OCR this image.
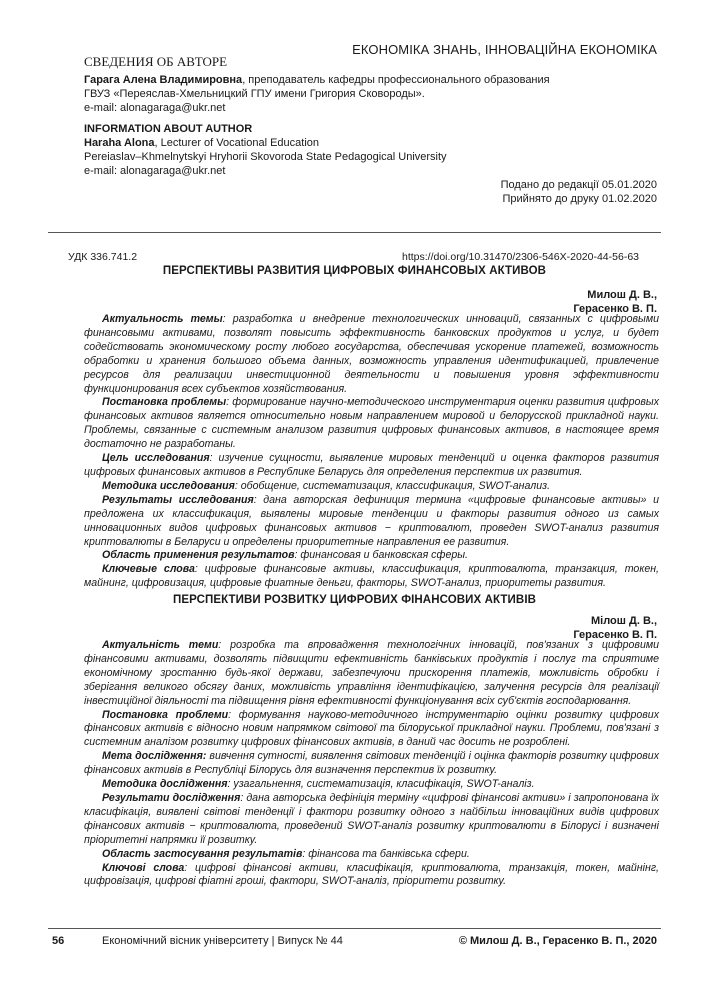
ЕКОНОМІКА ЗНАНЬ, ІННОВАЦІЙНА ЕКОНОМІКА
СВЕДЕНИЯ ОБ АВТОРЕ
Гарага Алена Владимировна, преподаватель кафедры профессионального образования
ГВУЗ «Переяслав-Хмельницкий ГПУ имени Григория Сковороды».
e-mail: alonagaraga@ukr.net
INFORMATION ABOUT AUTHOR
Haraha Alona, Lecturer of Vocational Education
Pereiaslav–Khmelnytskyi Hryhorii Skovoroda State Pedagogical University
e-mail: alonagaraga@ukr.net
Подано до редакції 05.01.2020
Прийнято до друку 01.02.2020
УДК 336.741.2	https://doi.org/10.31470/2306-546X-2020-44-56-63
ПЕРСПЕКТИВЫ РАЗВИТИЯ ЦИФРОВЫХ ФИНАНСОВЫХ АКТИВОВ
Милош Д. В.,
Герасенко В. П.

Актуальность темы: разработка и внедрение технологических инноваций, связанных с цифровыми финансовыми активами, позволят повысить эффективность банковских продуктов и услуг, и будет содействовать экономическому росту любого государства, обеспечивая ускорение платежей, возможность обработки и хранения большого объема данных, возможность управления идентификацией, привлечение ресурсов для реализации инвестиционной деятельности и повышения уровня эффективности функционирования всех субъектов хозяйствования.

Постановка проблемы: формирование научно-методического инструментария оценки развития цифровых финансовых активов является относительно новым направлением мировой и белорусской прикладной науки. Проблемы, связанные с системным анализом развития цифровых финансовых активов, в настоящее время достаточно не разработаны.

Цель исследования: изучение сущности, выявление мировых тенденций и оценка факторов развития цифровых финансовых активов в Республике Беларусь для определения перспектив их развития.

Методика исследования: обобщение, систематизация, классификация, SWOT-анализ.

Результаты исследования: дана авторская дефиниция термина «цифровые финансовые активы» и предложена их классификация, выявлены мировые тенденции и факторы развития одного из самых инновационных видов цифровых финансовых активов − криптовалют, проведен SWOT-анализ развития криптовалюты в Беларуси и определены приоритетные направления ее развития.

Область применения результатов: финансовая и банковская сферы.

Ключевые слова: цифровые финансовые активы, классификация, криптовалюта, транзакция, токен, майнинг, цифровизация, цифровые фиатные деньги, факторы, SWOT-анализ, приоритеты развития.

ПЕРСПЕКТИВИ РОЗВИТКУ ЦИФРОВИХ ФІНАНСОВИХ АКТИВІВ
Мілош Д. В.,
Герасенко В. П.

Актуальність теми: розробка та впровадження технологічних інновацій, пов'язаних з цифровими фінансовими активами, дозволять підвищити ефективність банківських продуктів і послуг та сприятиме економічному зростанню будь-якої держави, забезпечуючи прискорення платежів, можливість обробки і зберігання великого обсягу даних, можливість управління ідентифікацією, залучення ресурсів для реалізації інвестиційної діяльності та підвищення рівня ефективності функціонування всіх суб'єктів господарювання.

Постановка проблеми: формування науково-методичного інструментарію оцінки розвитку цифрових фінансових активів є відносно новим напрямком світової та білоруської прикладної науки. Проблеми, пов'язані з системним аналізом розвитку цифрових фінансових активів, в даний час досить не розроблені.

Мета дослідження: вивчення сутності, виявлення світових тенденцій і оцінка факторів розвитку цифрових фінансових активів в Республіці Білорусь для визначення перспектив їх розвитку.

Методика дослідження: узагальнення, систематизація, класифікація, SWOT-аналіз.

Результати дослідження: дана авторська дефініція терміну «цифрові фінансові активи» і запропонована їх класифікація, виявлені світові тенденції і фактори розвитку одного з найбільш інноваційних видів цифрових фінансових активів − криптовалюта, проведений SWOT-аналіз розвитку криптовалюти в Білорусі і визначені пріоритетні напрямки її розвитку.

Область застосування результатів: фінансова та банківська сфери.

Ключові слова: цифрові фінансові активи, класифікація, криптовалюта, транзакція, токен, майнінг, цифровізація, цифрові фіатні гроші, фактори, SWOT-аналіз, пріоритети розвитку.

56	Економічний вісник університету | Випуск № 44	© Милош Д. В., Герасенко В. П., 2020
